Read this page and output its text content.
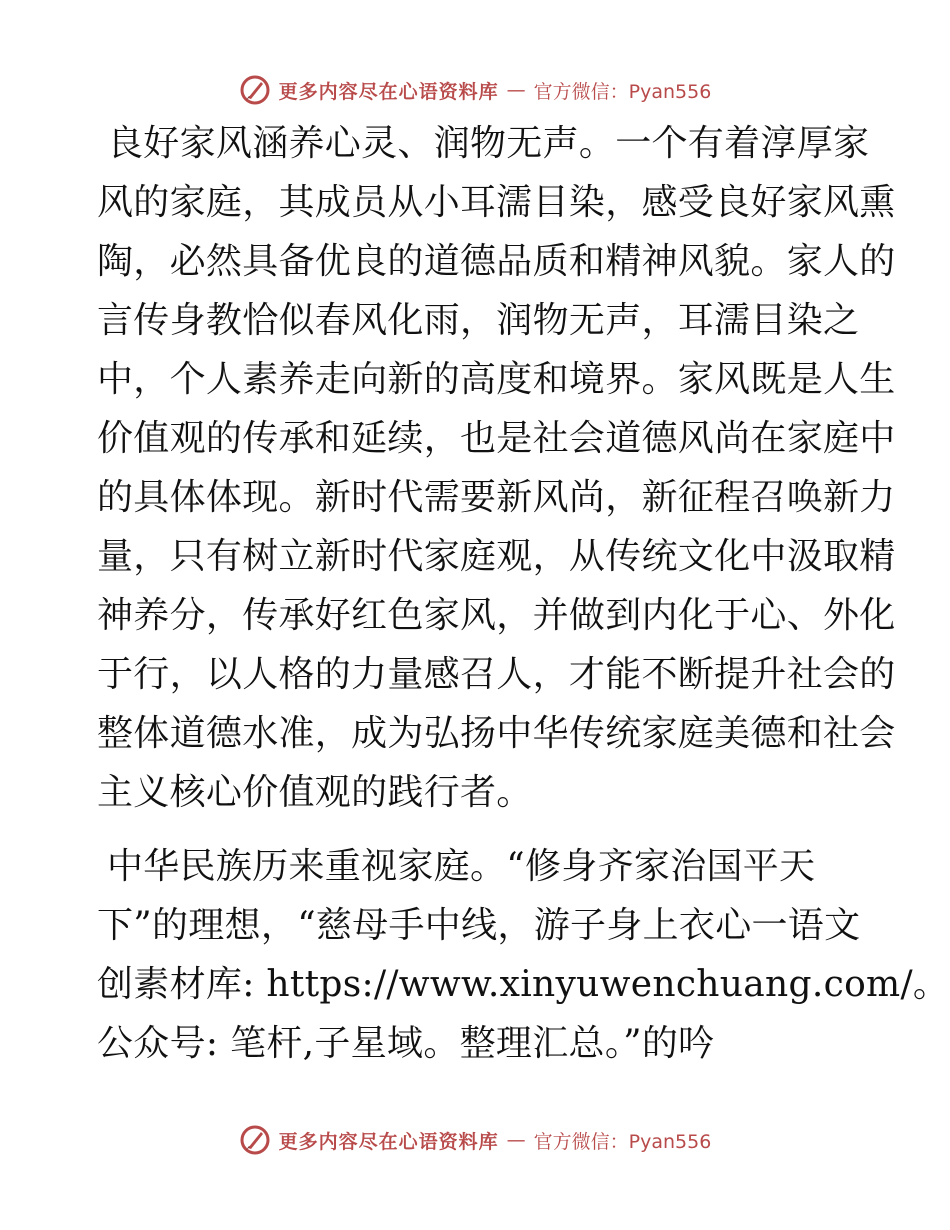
更多内容尽在心语资料库 — 官方微信：Pyan556

良好家风涵养心灵、润物无声。一个有着淳厚家
风的家庭，其成员从小耳濡目染，感受良好家风熏
陶，必然具备优良的道德品质和精神风貌。家人的
言传身教恰似春风化雨，润物无声，耳濡目染之
中，个人素养走向新的高度和境界。家风既是人生
价值观的传承和延续，也是社会道德风尚在家庭中
的具体体现。新时代需要新风尚，新征程召唤新力
量，只有树立新时代家庭观，从传统文化中汲取精
神养分，传承好红色家风，并做到内化于心、外化
于行，以人格的力量感召人，才能不断提升社会的
整体道德水准，成为弘扬中华传统家庭美德和社会
主义核心价值观的践行者。

中华民族历来重视家庭。“修身齐家治国平天
下”的理想，“慈母手中线，游子身上衣心一语文
创素材库: https://www.xinyuwenchuang.com/。
公众号: 笔杆,子星域。整理汇总。”的吟

更多内容尽在心语资料库 — 官方微信：Pyan556
